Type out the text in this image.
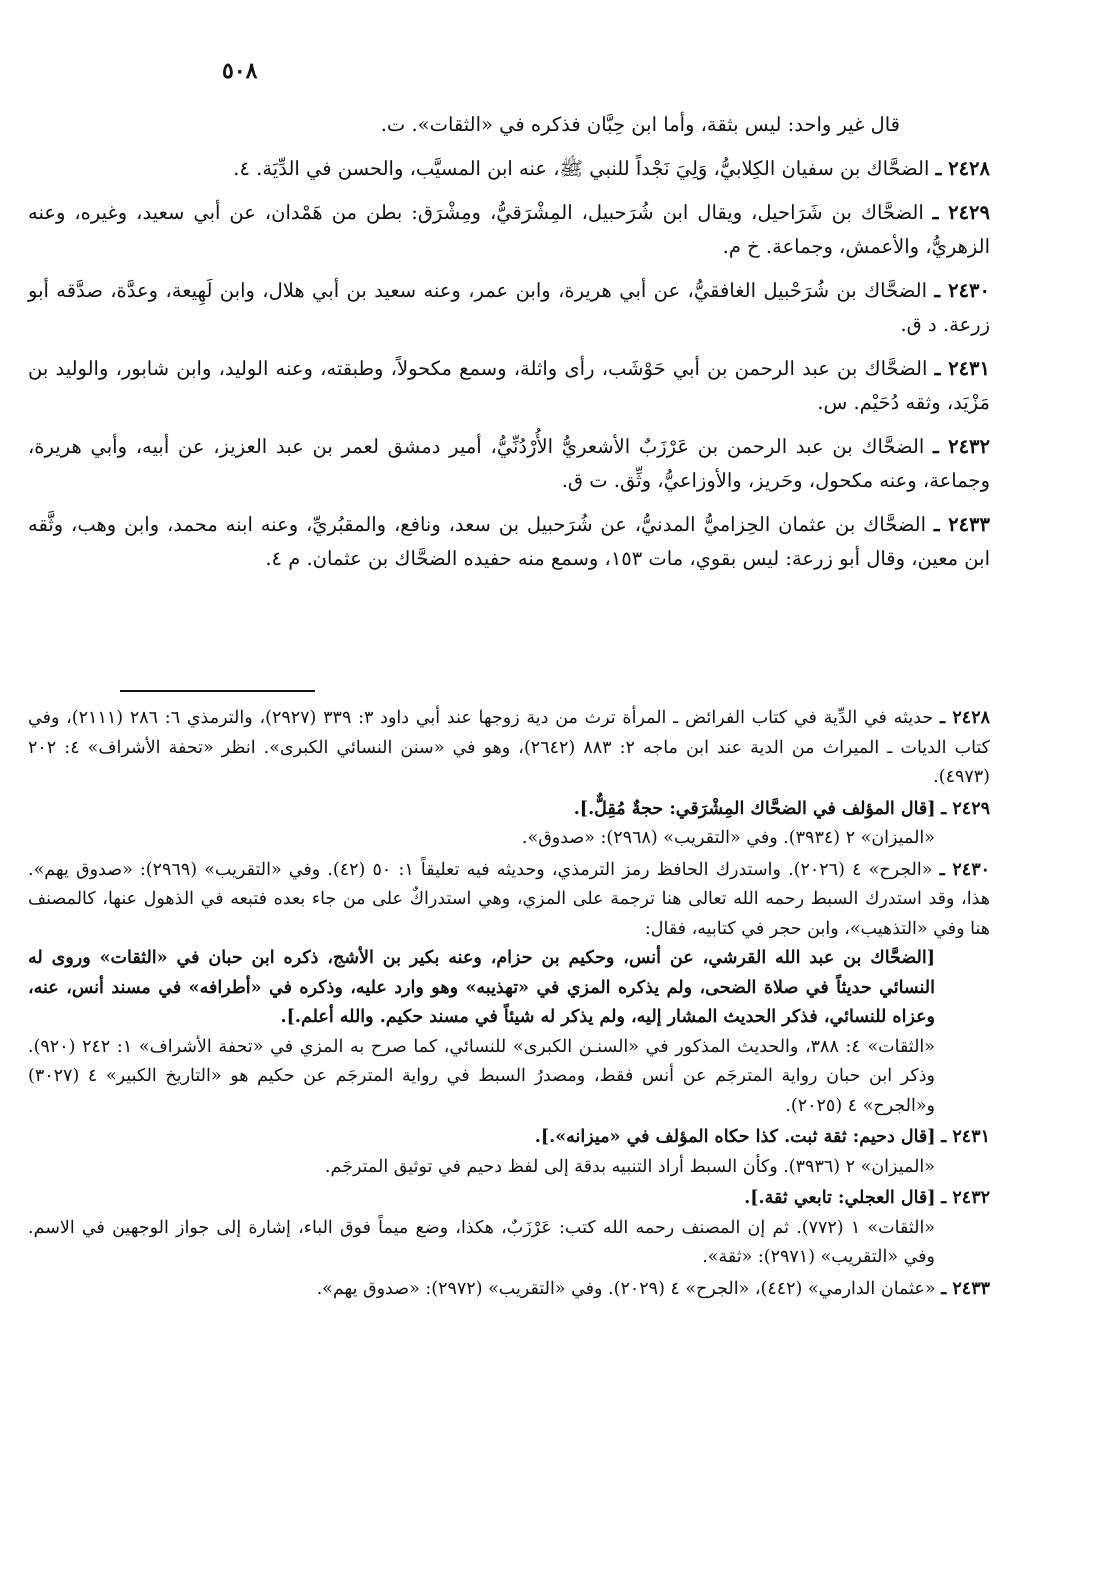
٥٠٨
قال غير واحد: ليس بثقة، وأما ابن حِبَّان فذكره في «الثقات». ت.
٢٤٢٨ ـ الضحَّاك بن سفيان الكِلابيُّ، وَلِيَ نَجْداً للنبي ﷺ، عنه ابن المسيَّب، والحسن في الدِّيَة. ٤.
٢٤٢٩ ـ الضحَّاك بن شَرَاحيل، ويقال ابن شُرَحبيل، المِشْرَقيُّ، ومِشْرَق: بطن من هَمْدان، عن أبي سعيد، وغيره، وعنه الزهريُّ، والأعمش، وجماعة. خ م.
٢٤٣٠ ـ الضحَّاك بن شُرَحْبيل الغافقيُّ، عن أبي هريرة، وابن عمر، وعنه سعيد بن أبي هلال، وابن لَهِيعة، وعدَّة، صدَّقه أبو زرعة. د ق.
٢٤٣١ ـ الضحَّاك بن عبد الرحمن بن أبي حَوْشَب، رأى واثلة، وسمع مكحولاً، وطبقته، وعنه الوليد، وابن شابور، والوليد بن مَزْيَد، وثقه دُحَيْم. س.
٢٤٣٢ ـ الضحَّاك بن عبد الرحمن بن عَرْزَبٌ الأشعريُّ الأُرْدُنِّيُّ، أمير دمشق لعمر بن عبد العزيز، عن أبيه، وأبي هريرة، وجماعة، وعنه مكحول، وحَريز، والأوزاعيُّ، وثِّق. ت ق.
٢٤٣٣ ـ الضحَّاك بن عثمان الحِزاميُّ المدنيُّ، عن شُرَحبيل بن سعد، ونافع، والمقبُريِّ، وعنه ابنه محمد، وابن وهب، وثَّقه ابن معين، وقال أبو زرعة: ليس بقوي، مات ١٥٣، وسمع منه حفيده الضحَّاك بن عثمان. م ٤.
٢٤٢٨ ـ حديثه في الدِّية في كتاب الفرائض ـ المرأة ترث من دية زوجها عند أبي داود ٣: ٣٣٩ (٢٩٢٧)، والترمذي ٦: ٢٨٦ (٢١١١)، وفي كتاب الديات ـ الميراث من الدية عند ابن ماجه ٢: ٨٨٣ (٢٦٤٢)، وهو في «سنن النسائي الكبرى». انظر «تحفة الأشراف» ٤: ٢٠٢ (٤٩٧٣).
٢٤٢٩ ـ [قال المؤلف في الضحَّاك المِشْرَقي: حجةٌ مُقِلٌّ.].
«الميزان» ٢ (٣٩٣٤). وفي «التقريب» (٢٩٦٨): «صدوق».
٢٤٣٠ ـ «الجرح» ٤ (٢٠٢٦). واستدرك الحافظ رمز الترمذي، وحديثه فيه تعليقاً ١: ٥٠ (٤٢). وفي «التقريب» (٢٩٦٩): «صدوق يهم». هذا، وقد استدرك السبط رحمه الله تعالى هنا ترجمة على المزي، وهي استدراكٌ على من جاء بعده فتبعه في الذهول عنها، كالمصنف هنا وفي «التذهيب»، وابن حجر في كتابيه، فقال:
[الضحَّاك بن عبد الله القرشي، عن أنس، وحكيم بن حزام، وعنه بكير بن الأشج، ذكره ابن حبان في «الثقات» وروى له النسائي حديثاً في صلاة الضحى، ولم يذكره المزي في «تهذيبه» وهو وارد عليه، وذكره في «أطرافه» في مسند أنس، عنه، وعزاه للنسائي، فذكر الحديث المشار إليه، ولم يذكر له شيئاً في مسند حكيم. والله أعلم.].
«الثقات» ٤: ٣٨٨، والحديث المذكور في «السنـن الكبرى» للنسائي، كما صرح به المزي في «تحفة الأشراف» ١: ٢٤٢ (٩٢٠). وذكر ابن حبان رواية المترجَم عن أنس فقط، ومصدرُ السبط في رواية المترجَم عن حكيم هو «التاريخ الكبير» ٤ (٣٠٢٧) و«الجرح» ٤ (٢٠٢٥).
٢٤٣١ ـ [قال دحيم: ثقة ثبت. كذا حكاه المؤلف في «ميزانه».].
«الميزان» ٢ (٣٩٣٦). وكأن السبط أراد التنبيه بدقة إلى لفظ دحيم في توثيق المترجَم.
٢٤٣٢ ـ [قال العجلي: تابعي ثقة.].
«الثقات» ١ (٧٧٢). ثم إن المصنف رحمه الله كتب: عَرْزَبٌ، هكذا، وضع ميماً فوق الباء، إشارة إلى جواز الوجهين في الاسم. وفي «التقريب» (٢٩٧١): «ثقة».
٢٤٣٣ ـ «عثمان الدارمي» (٤٤٢)، «الجرح» ٤ (٢٠٢٩). وفي «التقريب» (٢٩٧٢): «صدوق يهم».
